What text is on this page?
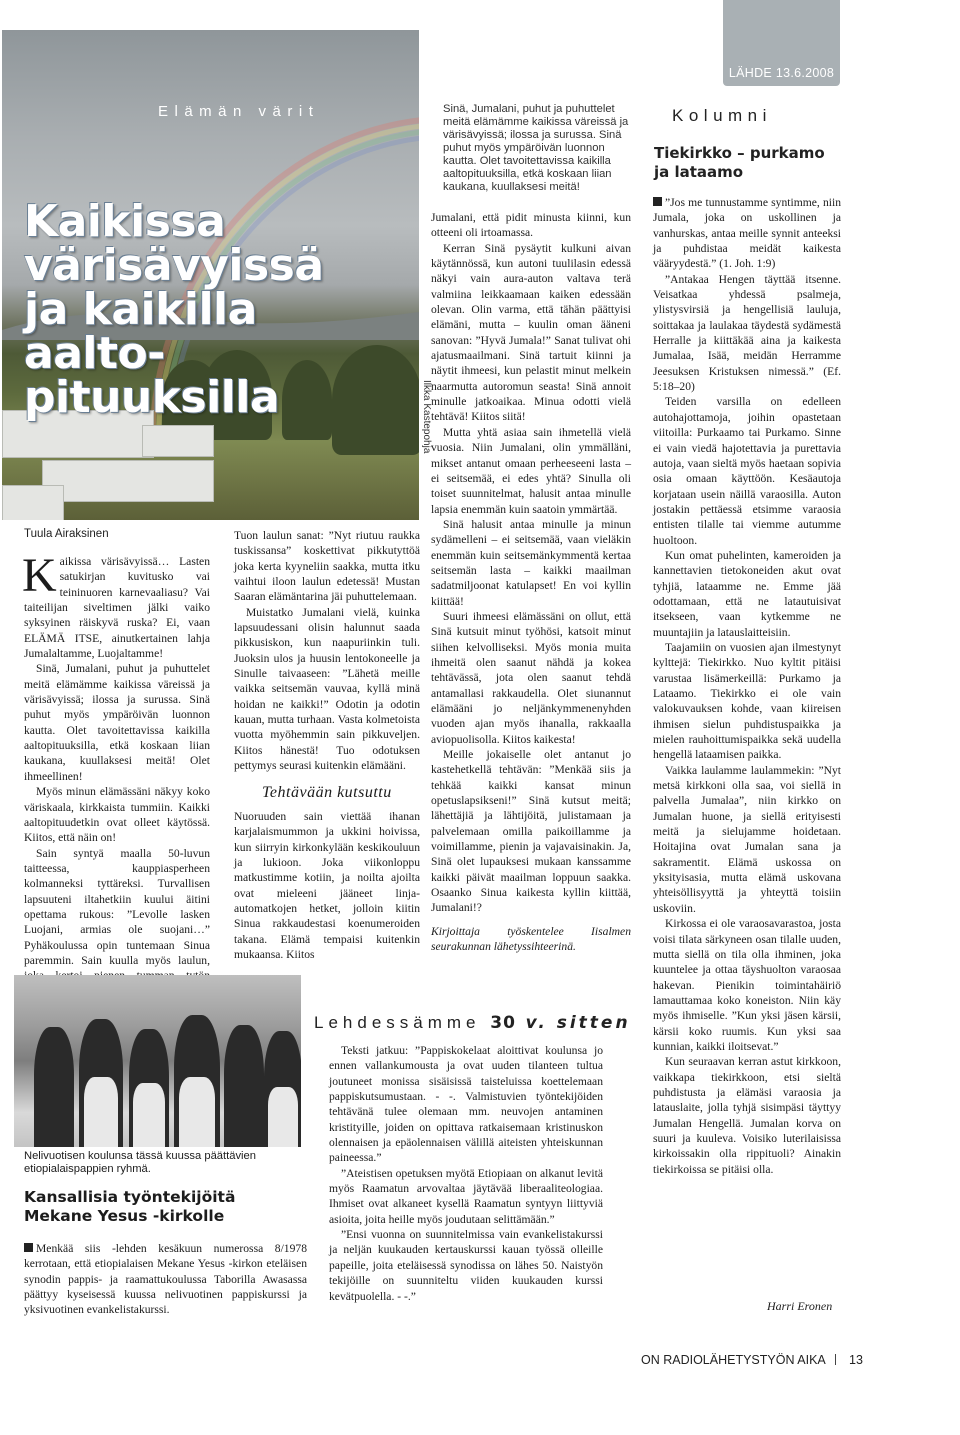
LÄHDE 13.6.2008
Elämän värit
Kaikissa värisävyissä ja kaikilla aalto-pituuksilla	Ilkka Kastepohja
Tuula Airaksinen

Kaikissa värisävyissä… Lasten satukirjan kuvitusko vai teininuoren karnevaaliasu? Vai taiteilijan siveltimen jälki vaiko syksyinen räiskyvä ruska? Ei, vaan ELÄMÄ ITSE, ainutkertainen lahja Jumalaltamme, Luojaltamme!

Sinä, Jumalani, puhut ja puhuttelet meitä elämämme kaikissa väreissä ja värisävyissä; ilossa ja surussa. Sinä puhut myös ympäröivän luonnon kautta. Olet tavoitettavissa kaikilla aaltopituuksilla, etkä koskaan liian kaukana, kuullaksesi meitä! Olet ihmeellinen!

Myös minun elämässäni näkyy koko väriskaala, kirkkaista tummiin. Kaikki aaltopituudetkin ovat olleet käytössä. Kiitos, että näin on!

Sain syntyä maalla 50-luvun taitteessa, kauppiasperheen kolmanneksi tyttäreksi. Turvallisen lapsuuteni iltahetkiin kuului äitini opettama rukous: ”Levolle lasken Luojani, armias ole suojani…” Pyhäkoulussa opin tuntemaan Sinua paremmin. Sain kuulla myös laulun,

Tuon laulun sanat: ”Nyt riutuu raukka tuskissansa” koskettivat pikkutyttöä joka kerta kyyneliin saakka, mutta itku vaihtui iloon laulun edetessä! Mustan Saaran elämäntarina jäi puhuttelemaan.

Muistatko Jumalani vielä, kuinka lapsuudessani olisin halunnut saada pikkusiskon, kun naapuriinkin tuli. Juoksin ulos ja huusin lentokoneelle ja Sinulle taivaaseen: ”Lähetä meille vaikka seitsemän vauvaa, kyllä minä hoidan ne kaikki!” Odotin ja odotin kauan, mutta turhaan. Vasta kolmetoista vuotta myöhemmin sain pikkuveljen. Kiitos hänestä! Tuo odotuksen pettymys seurasi kuitenkin elämääni.

Tehtävään kutsuttu

Nuoruuden sain viettää ihanan karjalaismummon ja ukkini hoivissa, kun siirryin kirkonkylään keskikouluun ja lukioon. Joka viikonloppu matkustimme kotiin, ja noilta ajoilta ovat mieleeni jääneet linja-automatkojen hetket, jolloin kiitin Sinua rakkaudestasi koenumeroiden takana. Elämä tempaisi kuitenkin mukaansa. Kiitos

Sinä, Jumalani, puhut ja puhuttelet meitä elämämme kaikissa väreissä ja värisävyissä; ilossa ja surussa. Sinä puhut myös ympäröivän luonnon kautta. Olet tavoitettavissa kaikilla aaltopituuksilla, etkä koskaan liian kaukana, kuullaksesi meitä!

Jumalani, että pidit minusta kiinni, kun otteeni oli irtoamassa.

Kerran Sinä pysäytit kulkuni aivan käytännössä, kun autoni tuulilasin edessä näkyi vain aura-auton valtava terä valmiina leikkaamaan kaiken edessään olevan. Olin varma, että tähän päättyisi elämäni, mutta – kuulin oman ääneni sanovan: ”Hyvä Jumala!” Sanat tulivat ohi ajatusmaailmani. Sinä tartuit kiinni ja näytit ihmeesi, kun pelastit minut melkein naarmutta autoromun seasta! Sinä annoit minulle jatkoaikaa. Minua odotti vielä tehtävä! Kiitos siitä!

Mutta yhtä asiaa sain ihmetellä vielä vuosia. Niin Jumalani, olin ymmälläni, mikset antanut omaan perheeseeni lasta – ei seitsemää, ei edes yhtä? Sinulla oli toiset suunnitelmat, halusit antaa minulle lapsia enemmän kuin saatoin ymmärtää.

Sinä halusit antaa minulle ja minun sydämelleni – ei seitsemää, vaan vieläkin enemmän kuin seitsemänkymmentä kertaa seitsemän lasta – kaikki maailman sadatmiljoonat katulapset! En voi kyllin kiittää!

Suuri ihmeesi elämässäni on ollut, että Sinä kutsuit minut työhösi, katsoit minut siihen kelvolliseksi. Myös monia muita ihmeitä olen saanut nähdä ja kokea tehtävässä, jota olen saanut tehdä antamallasi rakkaudella. Olet siunannut elämääni jo neljänkymmenenyhden vuoden ajan myös ihanalla, rakkaalla aviopuolisolla. Kiitos kaikesta!

Meille jokaiselle olet antanut jo kastehetkellä tehtävän: ”Menkää siis ja tehkää kaikki kansat minun opetuslapsikseni!” Sinä kutsut meitä; lähettäjiä ja lähtijöitä, julistamaan ja palvelemaan omilla paikoillamme ja voimillamme, pienin ja vajavaisinakin. Ja, Sinä olet lupauksesi mukaan kanssamme kaikki päivät maailman loppuun saakka. Osaanko Sinua kaikesta kyllin kiittää, Jumalani!?

Kirjoittaja työskentelee Iisalmen seurakunnan lähetyssihteerinä.

Kolumni
Tiekirkko – purkamo ja lataamo

”Jos me tunnustamme syntimme, niin Jumala, joka on uskollinen ja vanhurskas, antaa meille synnit anteeksi ja puhdistaa meidät kaikesta vääryydestä.” (1. Joh. 1:9)

”Antakaa Hengen täyttää itsenne. Veisatkaa yhdessä psalmeja, ylistysvirsiä ja hengellisiä lauluja, soittakaa ja laulakaa täydestä sydämestä Herralle ja kiittäkää aina ja kaikesta Jumalaa, Isää, meidän Herramme Jeesuksen Kristuksen nimessä.” (Ef. 5:18–20)

Teiden varsilla on edelleen autohajottamoja, joihin opastetaan viitoilla: Purkaamo tai Purkamo. Sinne ei vain viedä hajotettavia ja purettavia autoja, vaan sieltä myös haetaan sopivia osia omaan käyttöön. Kesäautoja korjataan usein näillä varaosilla. Auton jostakin pettäessä etsimme varaosia entisten tilalle tai viemme autumme huoltoon.

Kun omat puhelinten, kameroiden ja kannettavien tietokoneiden akut ovat tyhjiä, lataamme ne. Emme jää odottamaan, että ne latautuisivat itsekseen, vaan kytkemme ne muuntajiin ja latauslaitteisiin.

Taajamiin on vuosien ajan ilmestynyt kylttejä: Tiekirkko. Nuo kyltit pitäisi varustaa lisämerkeillä: Purkamo ja Lataamo. Tiekirkko ei ole vain valokuvauksen kohde, vaan kiireisen ihmisen sielun puhdistuspaikka ja mielen rauhoittumispaikka sekä uudella hengellä lataamisen paikka.

Vaikka laulamme laulammekin: ”Nyt metsä kirkkoni olla saa, voi siellä in palvella Jumalaa”, niin kirkko on Jumalan huone, ja siellä erityisesti meitä ja sielujamme hoidetaan. Hoitajina ovat Jumalan sana ja sakramentit. Elämä uskossa on yksityisasia, mutta elämä uskovana yhteisöllisyyttä ja yhteyttä toisiin uskoviin.

Kirkossa ei ole varaosavarastoa, josta voisi tilata särkyneen osan tilalle uuden, mutta siellä on tila olla ihminen, joka kuuntelee ja ottaa täyshuolton varaosaa hakevan. Pienikin toimintahäiriö lamauttamaa koko koneiston. Niin käy myös ihmiselle. ”Kun yksi jäsen kärsii, kärsii koko ruumis. Kun yksi saa kunnian, kaikki iloitsevat.”

Kun seuraavan kerran astut kirkkoon, vaikkapa tiekirkkoon, etsi sieltä puhdistusta ja elämäsi varaosia ja latauslaite, jolla tyhjä sisimpäsi täyttyy Jumalan Hengellä. Jumalan korva on suuri ja kuuleva. Voisiko luterilaisissa kirkoissakin olla rippituoli? Ainakin tiekirkoissa se pitäisi olla.

Harri Eronen
Lehdessämme 30 v. sitten
Nelivuotisen koulunsa tässä kuussa päättävien etiopialaispappien ryhmä.
Kansallisia työntekijöitä Mekane Yesus -kirkolle

Menkää siis -lehden kesäkuun numerossa 8/1978 kerrotaan, että etiopialaisen Mekane Yesus -kirkon eteläisen synodin pappis- ja raamattukoulussa Taborilla Awasassa päättyy kyseisessä kuussa nelivuotinen pappiskurssi ja yksivuotinen evankelistakurssi.

Teksti jatkuu: ”Pappiskokelaat aloittivat koulunsa jo ennen vallankumousta ja ovat uuden tilanteen tultua joutuneet monissa sisäisissä taisteluissa koettelemaan pappiskutsumustaan. - -. Valmistuvien työntekijöiden tehtävänä tulee olemaan mm. neuvojen antaminen kristityille, joiden on opittava ratkaisemaan kristinuskon olennaisen ja epäolennaisen välillä aiteisten yhteiskunnan paineessa.”

”Ateistisen opetuksen myötä Etiopiaan on alkanut levitä myös Raamatun arvovaltaa jäytävää liberaaliteologiaa. Ihmiset ovat alkaneet kysellä Raamatun syntyyn liittyviä asioita, joita heille myös joudutaan selittämään.”

”Ensi vuonna on suunnitelmissa vain evankelistakurssi ja neljän kuukauden kertauskurssi kauan työssä olleille papeille, joita eteläisessä synodissa on lähes 50. Naistyön tekijöille on suunniteltu viiden kuukauden kurssi kevätpuolella. - -.”

ON RADIOLÄHETYSTYÖN AIKA 13
